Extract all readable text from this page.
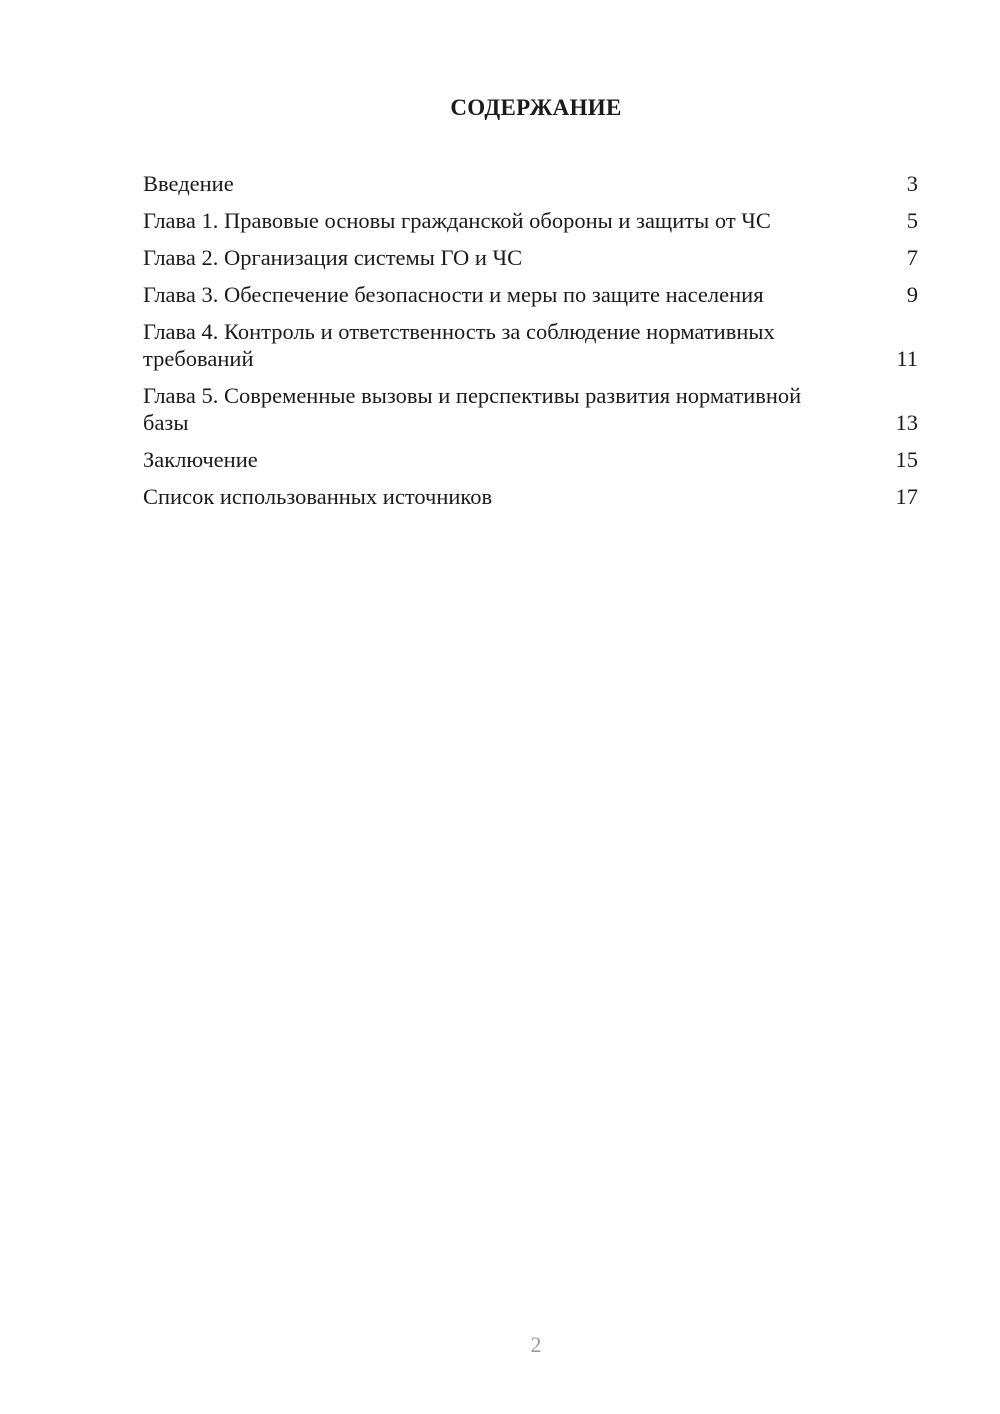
СОДЕРЖАНИЕ
Введение	3
Глава 1. Правовые основы гражданской обороны и защиты от ЧС	5
Глава 2. Организация системы ГО и ЧС	7
Глава 3. Обеспечение безопасности и меры по защите населения	9
Глава 4. Контроль и ответственность за соблюдение нормативных требований	11
Глава 5. Современные вызовы и перспективы развития нормативной базы	13
Заключение	15
Список использованных источников	17
2
